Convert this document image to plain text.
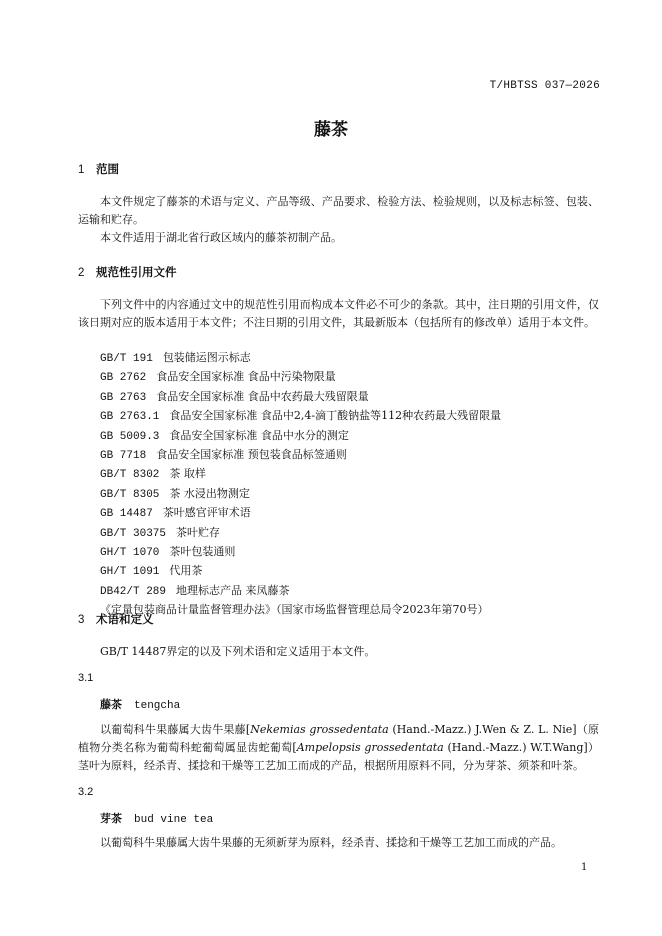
T/HBTSS 037—2026
藤茶
1 范围
本文件规定了藤茶的术语与定义、产品等级、产品要求、检验方法、检验规则，以及标志标签、包装、运输和贮存。
本文件适用于湖北省行政区域内的藤茶初制产品。
2 规范性引用文件
下列文件中的内容通过文中的规范性引用而构成本文件必不可少的条款。其中，注日期的引用文件，仅该日期对应的版本适用于本文件；不注日期的引用文件，其最新版本（包括所有的修改单）适用于本文件。
GB/T 191 包装储运图示标志
GB 2762 食品安全国家标准 食品中污染物限量
GB 2763 食品安全国家标准 食品中农药最大残留限量
GB 2763.1 食品安全国家标准 食品中2,4-滴丁酸钠盐等112种农药最大残留限量
GB 5009.3 食品安全国家标准 食品中水分的测定
GB 7718 食品安全国家标准 预包装食品标签通则
GB/T 8302 茶 取样
GB/T 8305 茶 水浸出物测定
GB 14487 茶叶感官评审术语
GB/T 30375 茶叶贮存
GH/T 1070 茶叶包装通则
GH/T 1091 代用茶
DB42/T 289 地理标志产品 来凤藤茶
《定量包装商品计量监督管理办法》（国家市场监督管理总局令2023年第70号）
3 术语和定义
GB/T 14487界定的以及下列术语和定义适用于本文件。
3.1
藤茶 tengcha
以葡萄科牛果藤属大齿牛果藤[Nekemias grossedentata (Hand.-Mazz.) J.Wen & Z. L. Nie]（原植物分类名称为葡萄科蛇葡萄属显齿蛇葡萄[Ampelopsis grossedentata (Hand.-Mazz.) W.T.Wang]）茎叶为原料，经杀青、揉捻和干燥等工艺加工而成的产品，根据所用原料不同，分为芽茶、须茶和叶茶。
3.2
芽茶 bud vine tea
以葡萄科牛果藤属大齿牛果藤的无须新芽为原料，经杀青、揉捻和干燥等工艺加工而成的产品。
1
